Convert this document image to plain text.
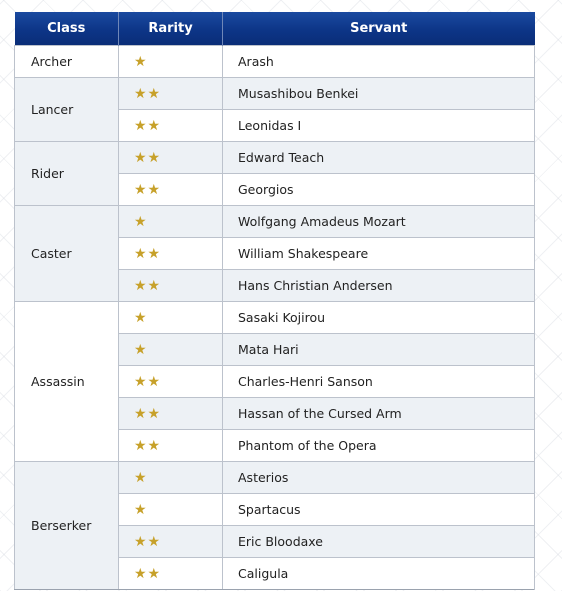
Class	Rarity	Servant
Archer	★	Arash
Lancer	★★	Musashibou Benkei
	★★	Leonidas I
Rider	★★	Edward Teach
	★★	Georgios
Caster	★	Wolfgang Amadeus Mozart
	★★	William Shakespeare
	★★	Hans Christian Andersen
Assassin	★	Sasaki Kojirou
	★	Mata Hari
	★★	Charles-Henri Sanson
	★★	Hassan of the Cursed Arm
	★★	Phantom of the Opera
Berserker	★	Asterios
	★	Spartacus
	★★	Eric Bloodaxe
	★★	Caligula
